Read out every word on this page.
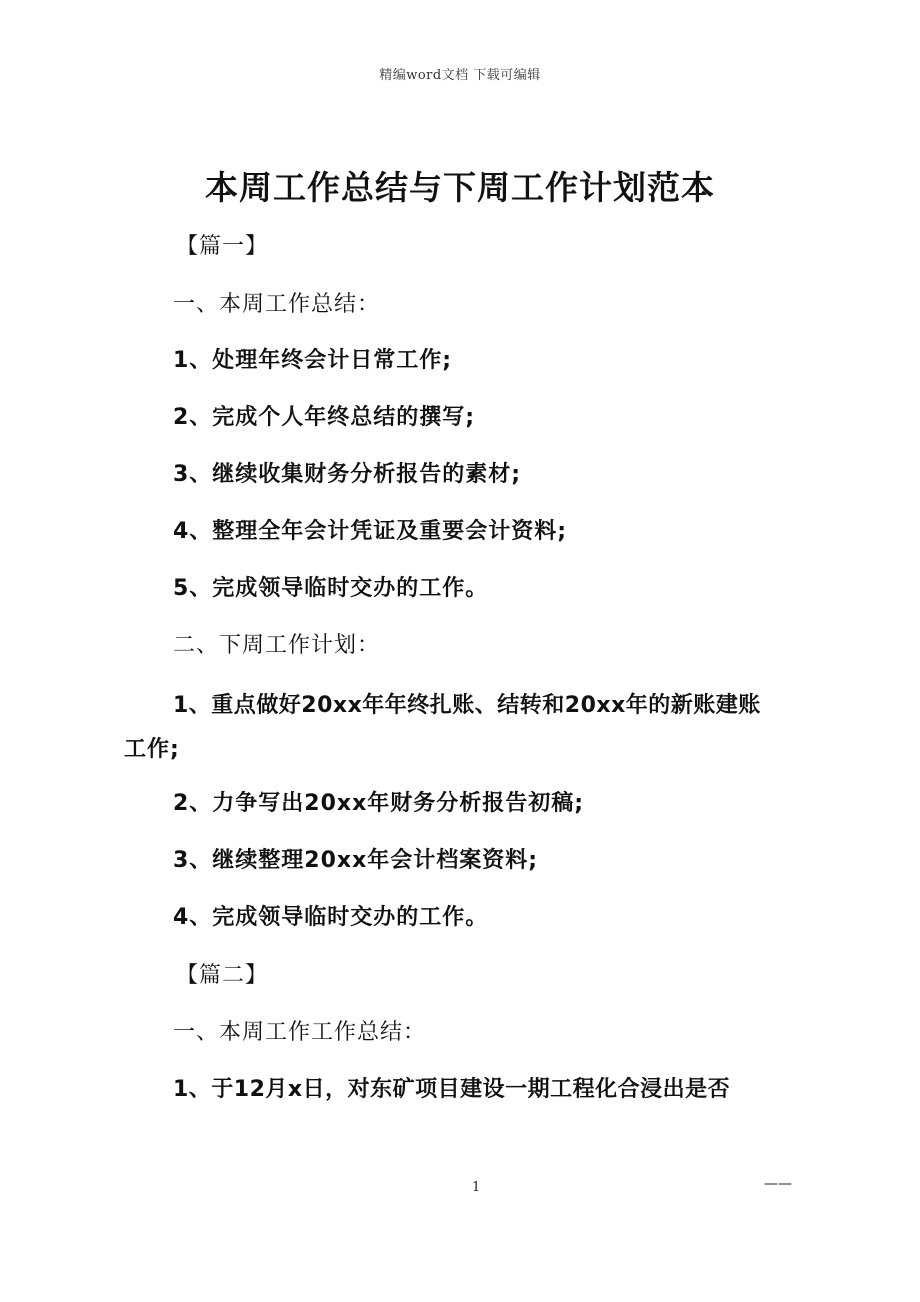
精编word文档 下载可编辑
本周工作总结与下周工作计划范本
【篇一】
一、本周工作总结：
1、处理年终会计日常工作;
2、完成个人年终总结的撰写;
3、继续收集财务分析报告的素材;
4、整理全年会计凭证及重要会计资料;
5、完成领导临时交办的工作。
二、下周工作计划：
1、重点做好20xx年年终扎账、结转和20xx年的新账建账
工作;
2、力争写出20xx年财务分析报告初稿;
3、继续整理20xx年会计档案资料;
4、完成领导临时交办的工作。
【篇二】
一、本周工作工作总结：
1、于12月x日，对东矿项目建设一期工程化合浸出是否
1	——
